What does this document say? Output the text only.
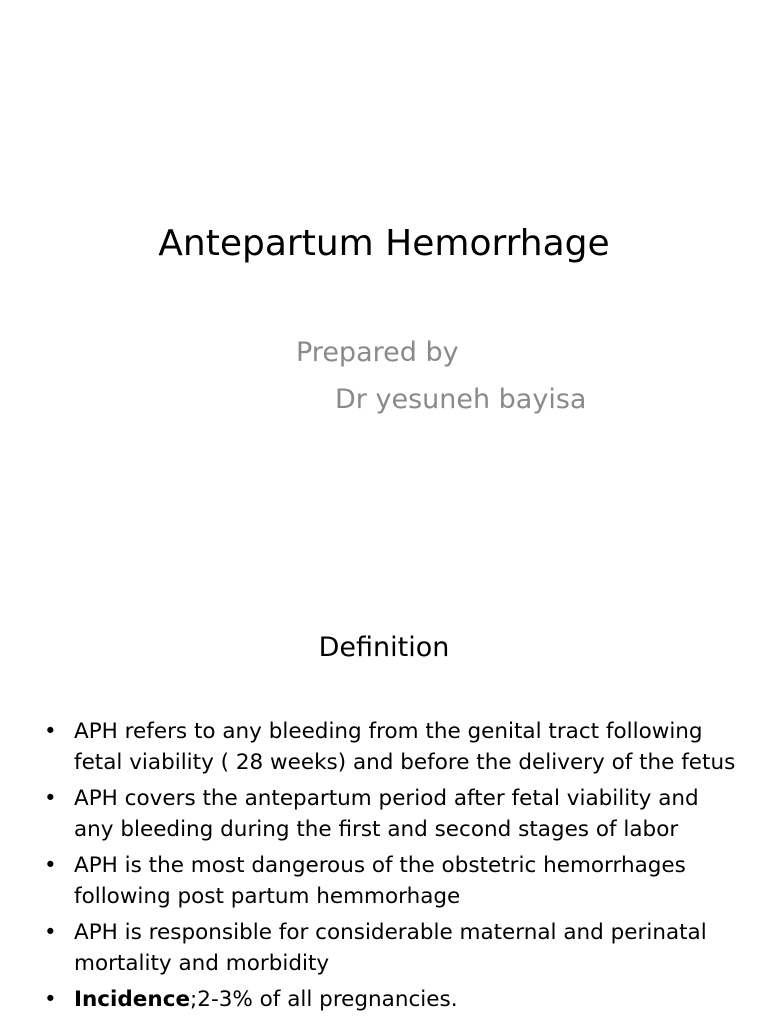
Antepartum Hemorrhage
Prepared by
Dr yesuneh bayisa
Definition
• APH refers to any bleeding from the genital tract following
fetal viability ( 28 weeks) and before the delivery of the fetus
• APH covers the antepartum period after fetal viability and
any bleeding during the first and second stages of labor
• APH is the most dangerous of the obstetric hemorrhages
following post partum hemmorhage
• APH is responsible for considerable maternal and perinatal
mortality and morbidity
• Incidence;2-3% of all pregnancies.
